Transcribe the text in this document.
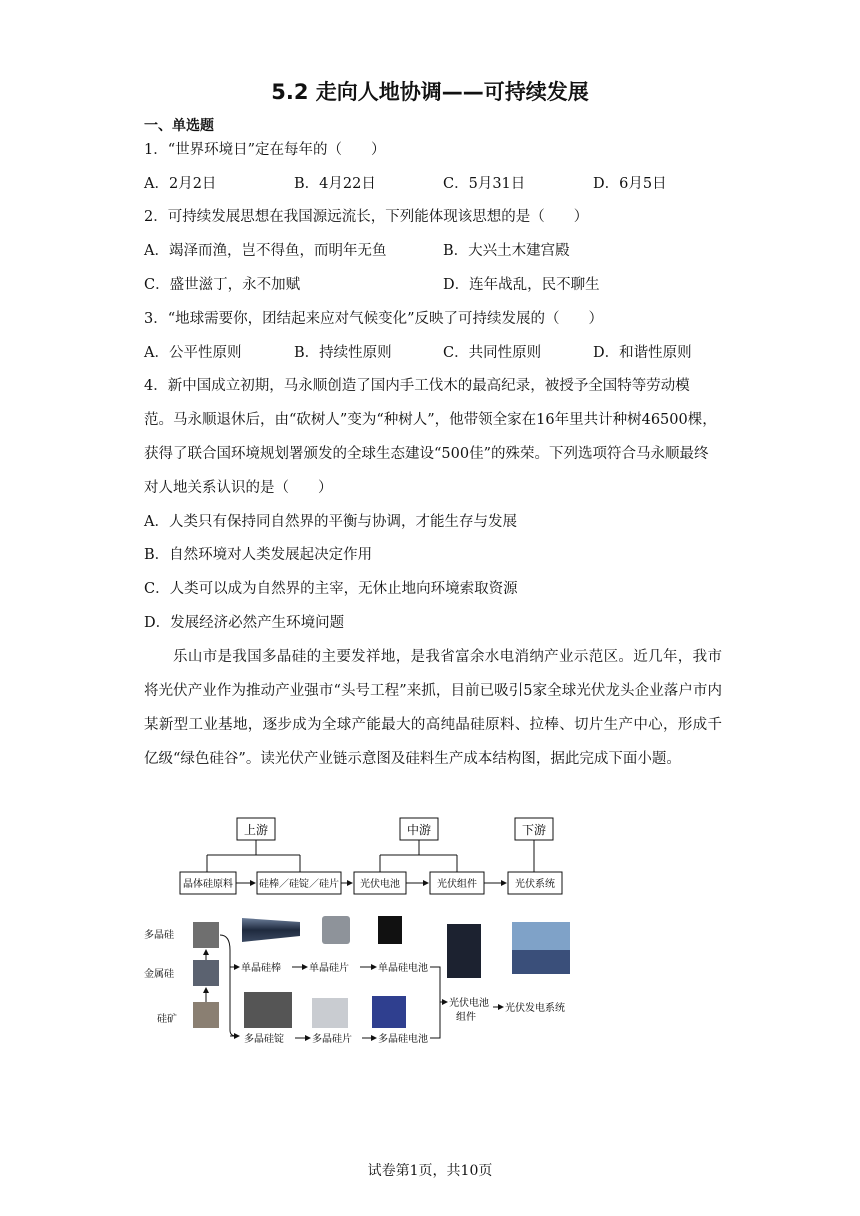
5.2 走向人地协调——可持续发展
一、单选题
1．“世界环境日”定在每年的（　　）
A．2月2日	B．4月22日	C．5月31日	D．6月5日
2．可持续发展思想在我国源远流长，下列能体现该思想的是（　　）
A．竭泽而渔，岂不得鱼，而明年无鱼	B．大兴土木建宫殿
C．盛世滋丁，永不加赋	D．连年战乱，民不聊生
3．“地球需要你，团结起来应对气候变化”反映了可持续发展的（　　）
A．公平性原则	B．持续性原则	C．共同性原则	D．和谐性原则
4．新中国成立初期，马永顺创造了国内手工伐木的最高纪录，被授予全国特等劳动模范。马永顺退休后，由“砍树人”变为“种树人”，他带领全家在16年里共计种树46500棵，获得了联合国环境规划署颁发的全球生态建设“500佳”的殊荣。下列选项符合马永顺最终对人地关系认识的是（　　）
A．人类只有保持同自然界的平衡与协调，才能生存与发展
B．自然环境对人类发展起决定作用
C．人类可以成为自然界的主宰，无休止地向环境索取资源
D．发展经济必然产生环境问题
乐山市是我国多晶硅的主要发祥地，是我省富余水电消纳产业示范区。近几年，我市将光伏产业作为推动产业强市“头号工程”来抓，目前已吸引5家全球光伏龙头企业落户市内某新型工业基地，逐步成为全球产能最大的高纯晶硅原料、拉棒、切片生产中心，形成千亿级“绿色硅谷”。读光伏产业链示意图及硅料生产成本结构图，据此完成下面小题。
上游	中游	下游
晶体硅原料	硅棒／硅锭／硅片 光伏电池	光伏组件	光伏系统
多晶硅
金属硅
硅矿
单晶硅棒	单晶硅片	单晶硅电池
多晶硅锭	多晶硅片	多晶硅电池
光伏电池
组件
光伏发电系统
试卷第1页，共10页
